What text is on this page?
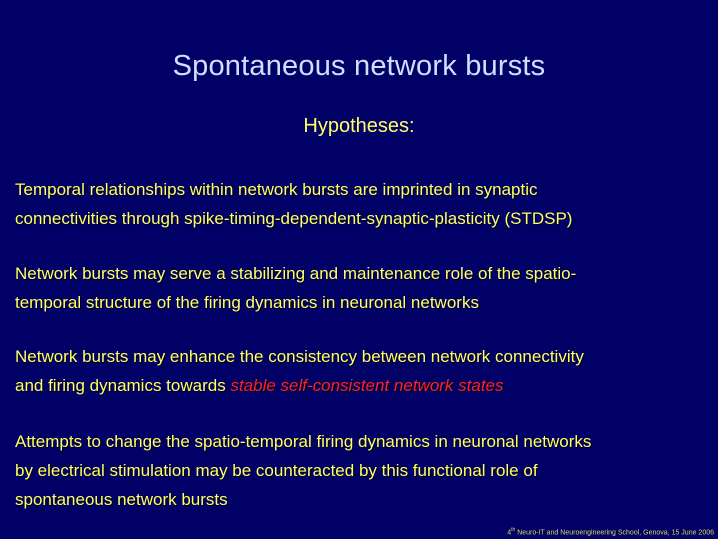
Spontaneous network bursts
Hypotheses:
Temporal relationships within network bursts are imprinted in synaptic
connectivities through spike-timing-dependent-synaptic-plasticity (STDSP)
Network bursts may serve a stabilizing and maintenance role of the spatio-
temporal structure of the firing dynamics in neuronal networks
Network bursts may enhance the consistency between network connectivity
and firing dynamics towards stable self-consistent network states
Attempts to change the spatio-temporal firing dynamics in neuronal networks
by electrical stimulation may be counteracted by this functional role of
spontaneous network bursts
4th Neuro-IT and Neuroengineering School, Genova, 15 June 2006
